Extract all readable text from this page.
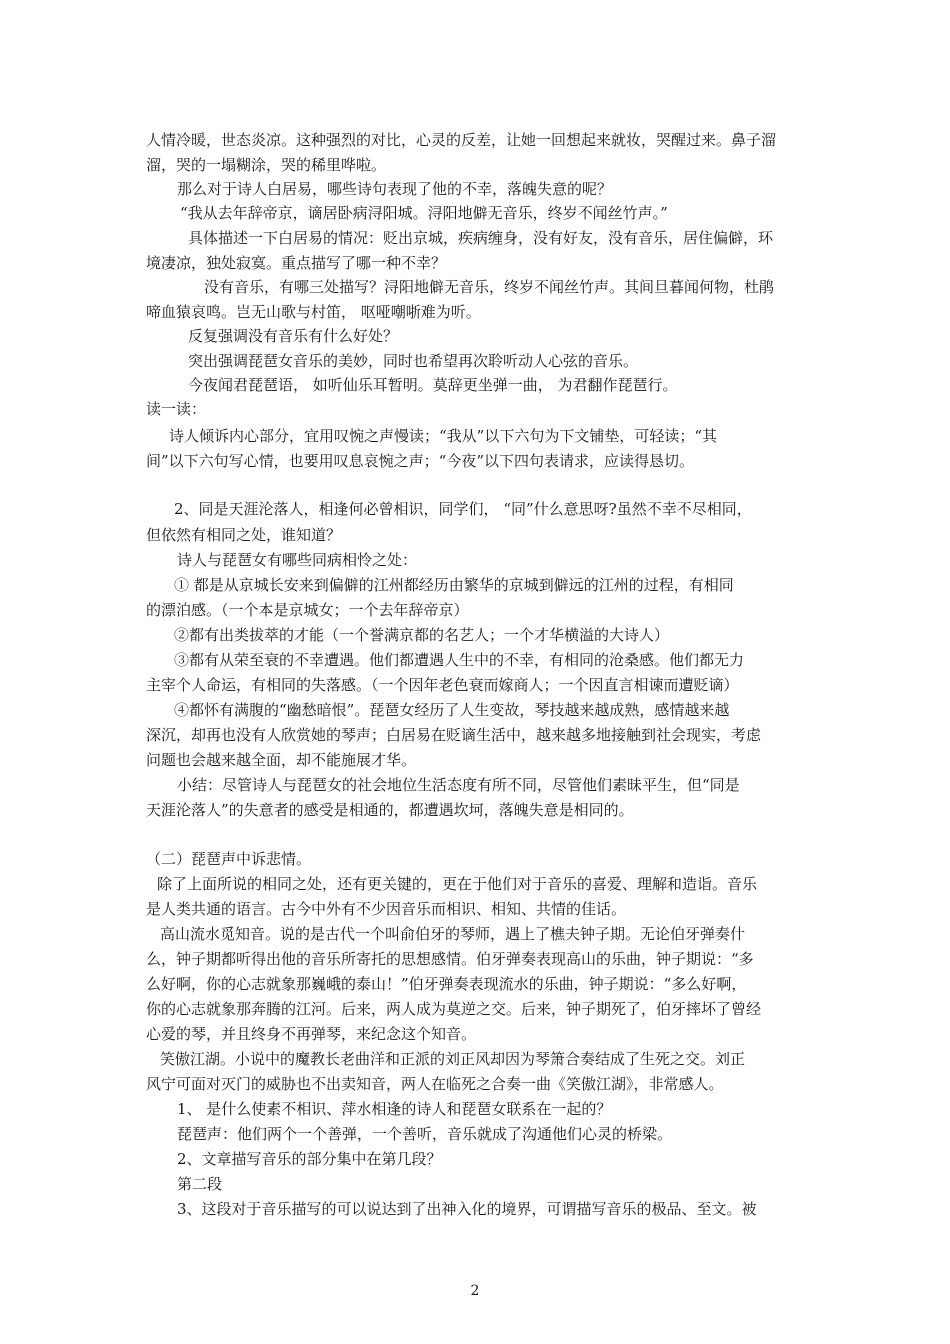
人情冷暖，世态炎凉。这种强烈的对比，心灵的反差，让她一回想起来就妆，哭醒过来。鼻子溜
溜，哭的一塌糊涂，哭的稀里哗啦。
那么对于诗人白居易，哪些诗句表现了他的不幸，落魄失意的呢？
“我从去年辞帝京，谪居卧病浔阳城。浔阳地僻无音乐，终岁不闻丝竹声。”
具体描述一下白居易的情况：贬出京城，疾病缠身，没有好友，没有音乐，居住偏僻，环
境凄凉，独处寂寞。重点描写了哪一种不幸？
没有音乐，有哪三处描写？浔阳地僻无音乐，终岁不闻丝竹声。其间旦暮闻何物，杜鹃
啼血猿哀鸣。岂无山歌与村笛， 呕哑嘲哳难为听。
反复强调没有音乐有什么好处？
突出强调琵琶女音乐的美妙，同时也希望再次聆听动人心弦的音乐。
今夜闻君琵琶语， 如听仙乐耳暂明。莫辞更坐弹一曲， 为君翻作琵琶行。
读一读：
诗人倾诉内心部分，宜用叹惋之声慢读；“我从”以下六句为下文铺垫，可轻读；“其
间”以下六句写心情，也要用叹息哀惋之声；“今夜”以下四句表请求，应读得恳切。
2、同是天涯沦落人，相逢何必曾相识，同学们， “同”什么意思呀?虽然不幸不尽相同，
但依然有相同之处，谁知道？
诗人与琵琶女有哪些同病相怜之处：
① 都是从京城长安来到偏僻的江州都经历由繁华的京城到僻远的江州的过程，有相同
的漂泊感。（一个本是京城女；一个去年辞帝京）
②都有出类拔萃的才能（一个誉满京都的名艺人；一个才华横溢的大诗人）
③都有从荣至衰的不幸遭遇。他们都遭遇人生中的不幸，有相同的沧桑感。他们都无力
主宰个人命运，有相同的失落感。（一个因年老色衰而嫁商人；一个因直言相谏而遭贬谪）
④都怀有满腹的“幽愁暗恨”。琵琶女经历了人生变故，琴技越来越成熟，感情越来越
深沉，却再也没有人欣赏她的琴声；白居易在贬谪生活中，越来越多地接触到社会现实，考虑
问题也会越来越全面，却不能施展才华。
小结：尽管诗人与琵琶女的社会地位生活态度有所不同，尽管他们素昧平生，但“同是
天涯沦落人”的失意者的感受是相通的，都遭遇坎坷，落魄失意是相同的。
（二）琵琶声中诉悲情。
除了上面所说的相同之处，还有更关键的，更在于他们对于音乐的喜爱、理解和造诣。音乐
是人类共通的语言。古今中外有不少因音乐而相识、相知、共情的佳话。
高山流水觅知音。说的是古代一个叫俞伯牙的琴师，遇上了樵夫钟子期。无论伯牙弹奏什
么，钟子期都听得出他的音乐所寄托的思想感情。伯牙弹奏表现高山的乐曲，钟子期说：“多
么好啊，你的心志就象那巍峨的泰山！”伯牙弹奏表现流水的乐曲，钟子期说：“多么好啊，
你的心志就象那奔腾的江河。后来，两人成为莫逆之交。后来，钟子期死了，伯牙摔坏了曾经
心爱的琴，并且终身不再弹琴，来纪念这个知音。
笑傲江湖。小说中的魔教长老曲洋和正派的刘正风却因为琴箫合奏结成了生死之交。刘正
风宁可面对灭门的威胁也不出卖知音，两人在临死之合奏一曲《笑傲江湖》，非常感人。
1、 是什么使素不相识、萍水相逢的诗人和琵琶女联系在一起的？
琵琶声：他们两个一个善弹，一个善听，音乐就成了沟通他们心灵的桥梁。
2、文章描写音乐的部分集中在第几段？
第二段
3、这段对于音乐描写的可以说达到了出神入化的境界，可谓描写音乐的极品、至文。被
2
